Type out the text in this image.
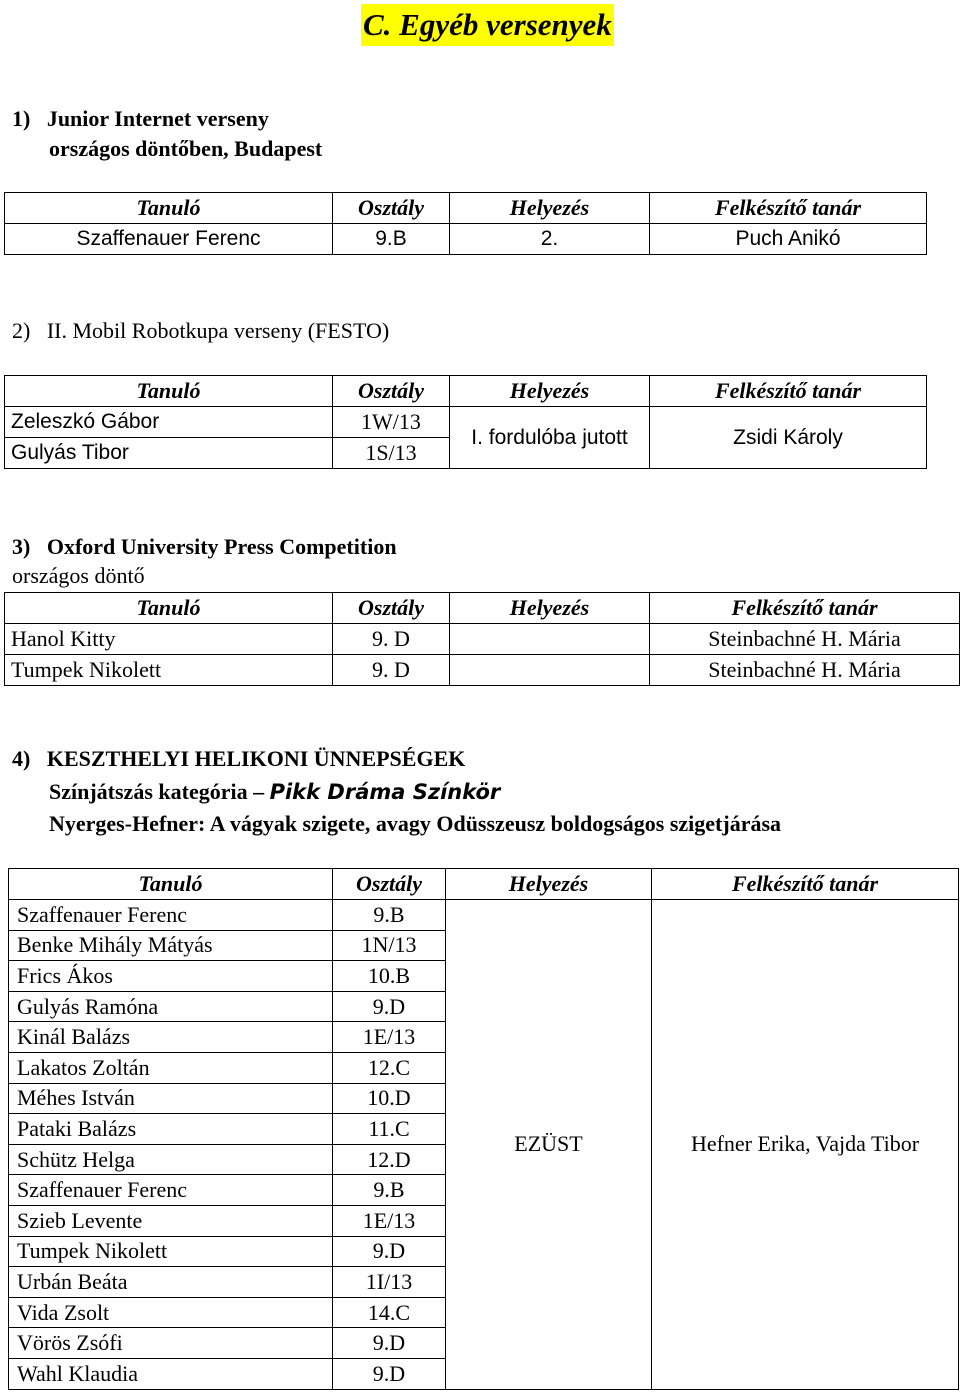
C. Egyéb versenyek
1)   Junior Internet verseny
országos döntőben, Budapest
Tanuló	Osztály	Helyezés	Felkészítő tanár
Szaffenauer Ferenc	9.B	2.	Puch Anikó
2)   II. Mobil Robotkupa verseny (FESTO)
Tanuló	Osztály	Helyezés	Felkészítő tanár
Zeleszkó Gábor	1W/13	I. fordulóba jutott	Zsidi Károly
Gulyás Tibor	1S/13		
3)   Oxford University Press Competition
országos döntő
Tanuló	Osztály	Helyezés	Felkészítő tanár
Hanol Kitty	9. D		Steinbachné H. Mária
Tumpek Nikolett	9. D		Steinbachné H. Mária
4)   KESZTHELYI HELIKONI ÜNNEPSÉGEK
Színjátszás kategória – Pikk Dráma Színkör
Nyerges-Hefner: A vágyak szigete, avagy Odüsszeusz boldogságos szigetjárása
Tanuló	Osztály	Helyezés	Felkészítő tanár
Szaffenauer Ferenc	9.B	EZÜST	Hefner Erika, Vajda Tibor
Benke Mihály Mátyás	1N/13		
Frics Ákos	10.B		
Gulyás Ramóna	9.D		
Kinál Balázs	1E/13		
Lakatos Zoltán	12.C		
Méhes István	10.D		
Pataki Balázs	11.C		
Schütz Helga	12.D		
Szaffenauer Ferenc	9.B		
Szieb Levente	1E/13		
Tumpek Nikolett	9.D		
Urbán Beáta	1I/13		
Vida Zsolt	14.C		
Vörös Zsófi	9.D		
Wahl Klaudia	9.D		
